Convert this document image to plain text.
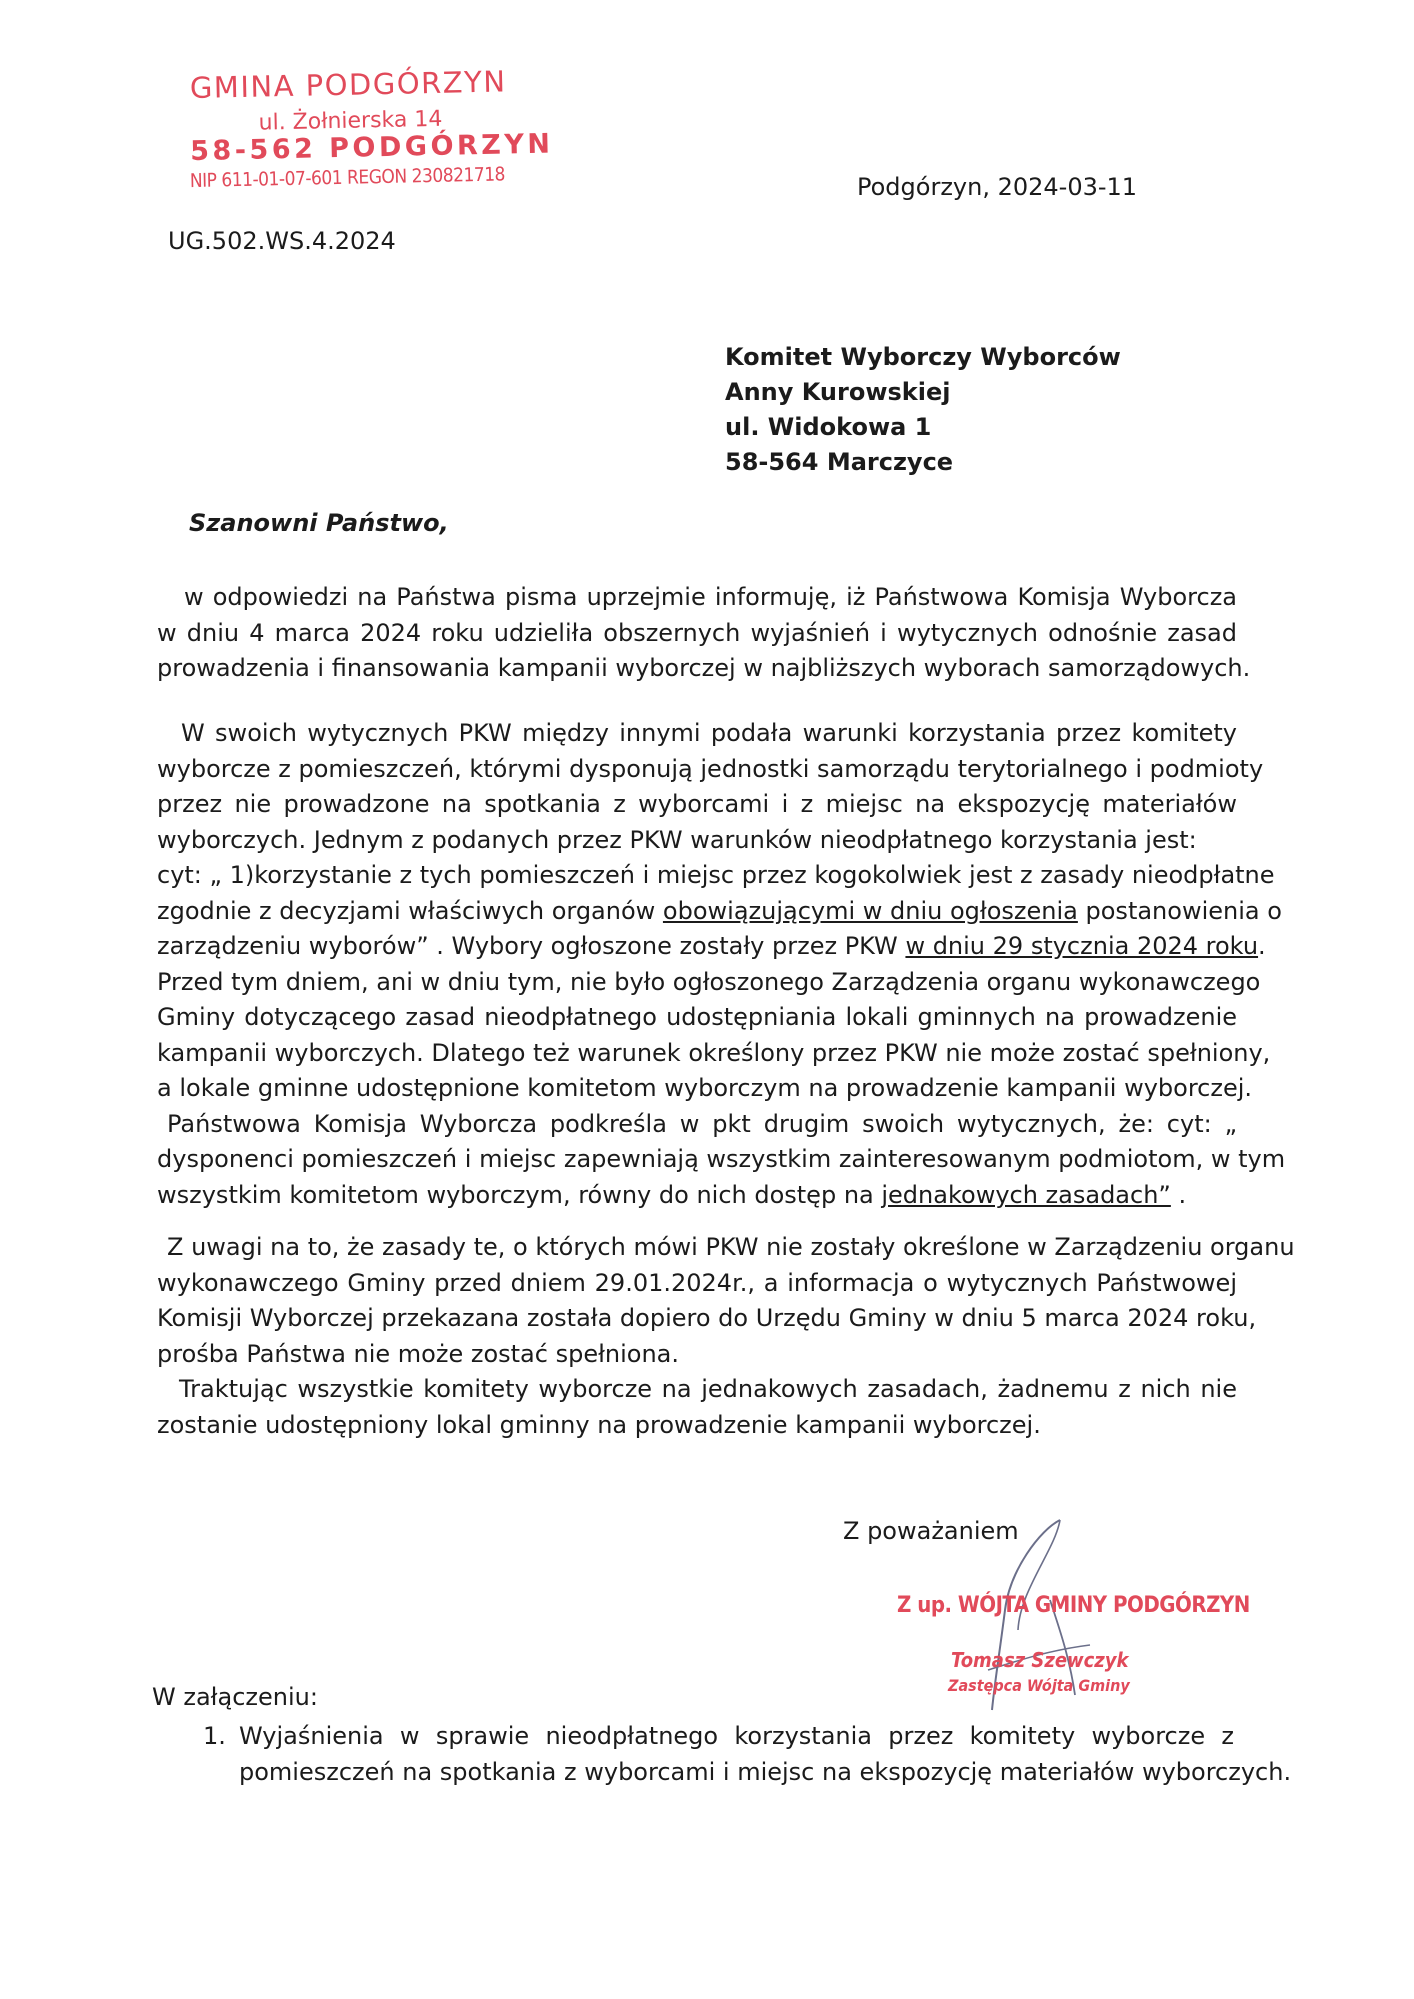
GMINA PODGÓRZYN
ul. Żołnierska 14
58-562 PODGÓRZYN
NIP 611-01-07-601 REGON 230821718	Podgórzyn, 2024-03-11
UG.502.WS.4.2024
Komitet Wyborczy Wyborców
Anny Kurowskiej
ul. Widokowa 1
58-564 Marczyce
Szanowni Państwo,
w odpowiedzi na Państwa pisma uprzejmie informuję, iż Państwowa Komisja Wyborcza
w dniu 4 marca 2024 roku udzieliła obszernych wyjaśnień i wytycznych odnośnie zasad
prowadzenia i finansowania kampanii wyborczej w najbliższych wyborach samorządowych.
W swoich wytycznych PKW między innymi podała warunki korzystania przez komitety
wyborcze z pomieszczeń, którymi dysponują jednostki samorządu terytorialnego i podmioty
przez nie prowadzone na spotkania z wyborcami i z miejsc na ekspozycję materiałów
wyborczych. Jednym z podanych przez PKW warunków nieodpłatnego korzystania jest:
cyt: „ 1)korzystanie z tych pomieszczeń i miejsc przez kogokolwiek jest z zasady nieodpłatne
zgodnie z decyzjami właściwych organów obowiązującymi w dniu ogłoszenia postanowienia o
zarządzeniu wyborów” . Wybory ogłoszone zostały przez PKW w dniu 29 stycznia 2024 roku.
Przed tym dniem, ani w dniu tym, nie było ogłoszonego Zarządzenia organu wykonawczego
Gminy dotyczącego zasad nieodpłatnego udostępniania lokali gminnych na prowadzenie
kampanii wyborczych. Dlatego też warunek określony przez PKW nie może zostać spełniony,
a lokale gminne udostępnione komitetom wyborczym na prowadzenie kampanii wyborczej.
Państwowa Komisja Wyborcza podkreśla w pkt drugim swoich wytycznych, że: cyt: „
dysponenci pomieszczeń i miejsc zapewniają wszystkim zainteresowanym podmiotom, w tym
wszystkim komitetom wyborczym, równy do nich dostęp na jednakowych zasadach” .
Z uwagi na to, że zasady te, o których mówi PKW nie zostały określone w Zarządzeniu organu
wykonawczego Gminy przed dniem 29.01.2024r., a informacja o wytycznych Państwowej
Komisji Wyborczej przekazana została dopiero do Urzędu Gminy w dniu 5 marca 2024 roku,
prośba Państwa nie może zostać spełniona.
Traktując wszystkie komitety wyborcze na jednakowych zasadach, żadnemu z nich nie
zostanie udostępniony lokal gminny na prowadzenie kampanii wyborczej.
Z poważaniem
Z up. WÓJTA GMINY PODGÓRZYN
Tomasz Szewczyk
Zastępca Wójta Gminy
W załączeniu:
1. Wyjaśnienia w sprawie nieodpłatnego korzystania przez komitety wyborcze z
pomieszczeń na spotkania z wyborcami i miejsc na ekspozycję materiałów wyborczych.
